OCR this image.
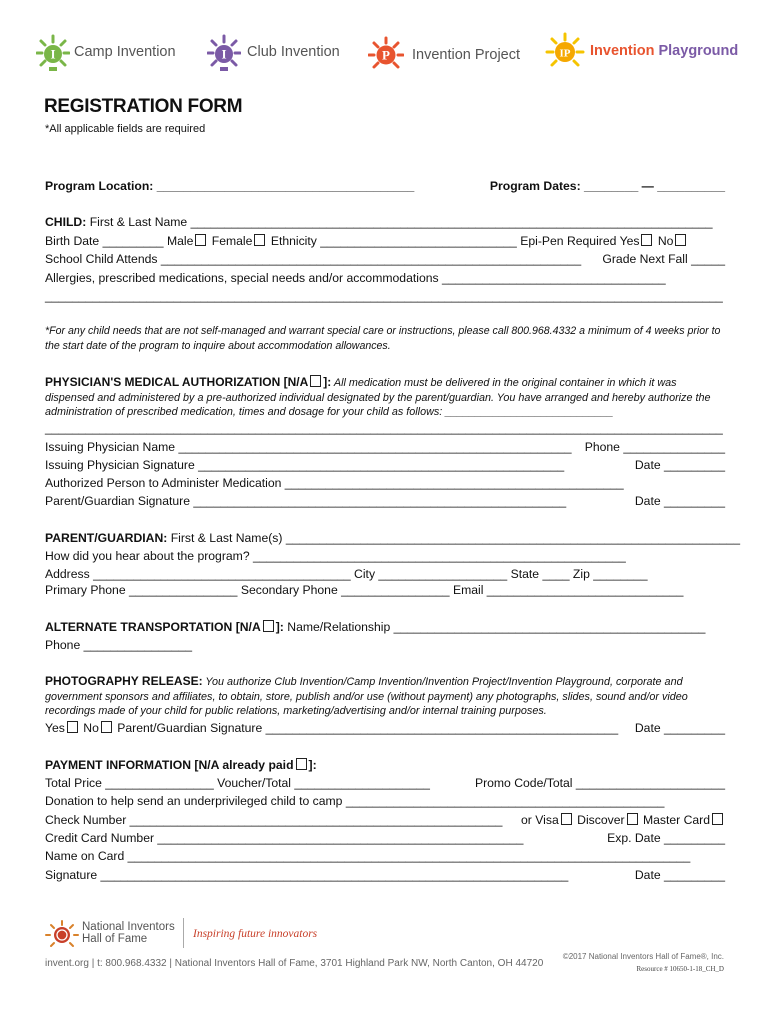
I Camp Invention	I Club Invention	P Invention Project	IP Invention Playground
REGISTRATION FORM
*All applicable fields are required
Program Location: ______________________________________	Program Dates: ________ — __________
CHILD: First & Last Name _____________________________________________________________________________
Birth Date _________ Male Female Ethnicity _____________________________ Epi-Pen Required Yes No
School Child Attends ______________________________________________________________ Grade Next Fall _____
Allergies, prescribed medications, special needs and/or accommodations _________________________________
____________________________________________________________________________________________________
*For any child needs that are not self-managed and warrant special care or instructions, please call 800.968.4332 a minimum of 4 weeks prior to the start date of the program to inquire about accommodation allowances.
PHYSICIAN'S MEDICAL AUTHORIZATION [N/A ]: All medication must be delivered in the original container in which it was dispensed and administered by a pre-authorized individual designated by the parent/guardian. You have arranged and hereby authorize the administration of prescribed medication, times and dosage for your child as follows: ____________________________
____________________________________________________________________________________________________
Issuing Physician Name __________________________________________________________ Phone _______________
Issuing Physician Signature ______________________________________________________	Date _________
Authorized Person to Administer Medication __________________________________________________
Parent/Guardian Signature _______________________________________________________	Date _________
PARENT/GUARDIAN: First & Last Name(s) ___________________________________________________________________
How did you hear about the program? _______________________________________________________
Address ______________________________________ City ___________________ State ____ Zip ________
Primary Phone ________________ Secondary Phone ________________ Email _____________________________
ALTERNATE TRANSPORTATION [N/A ]: Name/Relationship ______________________________________________
Phone ________________
PHOTOGRAPHY RELEASE: You authorize Club Invention/Camp Invention/Invention Project/Invention Playground, corporate and government sponsors and affiliates, to obtain, store, publish and/or use (without payment) any photographs, slides, sound and/or video recordings made of your child for public relations, marketing/advertising and/or internal training purposes.
Yes No Parent/Guardian Signature ____________________________________________________ Date _________
PAYMENT INFORMATION [N/A already paid ]:
Total Price ________________ Voucher/Total ____________________	Promo Code/Total ______________________
Donation to help send an underprivileged child to camp _______________________________________________
Check Number _______________________________________________________ or Visa Discover Master Card
Credit Card Number ______________________________________________________	Exp. Date _________
Name on Card ___________________________________________________________________________________
Signature _____________________________________________________________________	Date _________
National Inventors
Hall of Fame	Inspiring future innovators
invent.org | t: 800.968.4332 | National Inventors Hall of Fame, 3701 Highland Park NW, North Canton, OH 44720
©2017 National Inventors Hall of Fame®, Inc.
Resource # 10650-1-18_CH_D
